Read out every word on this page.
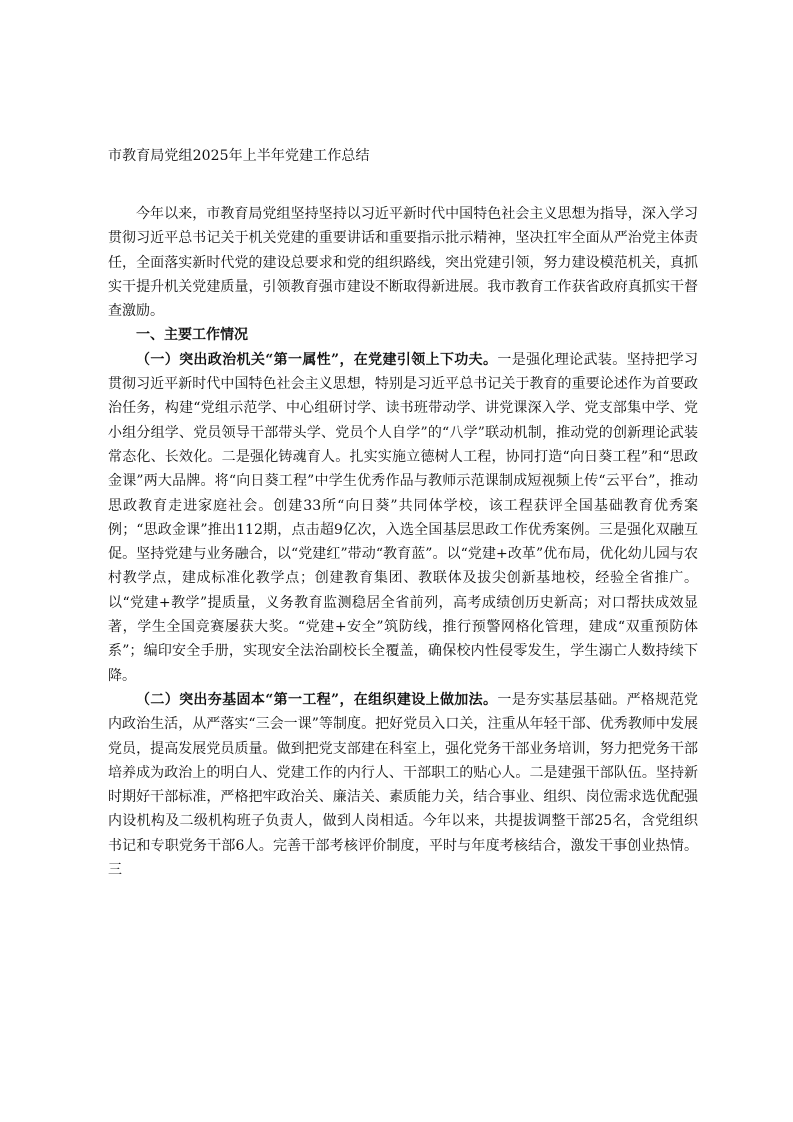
市教育局党组2025年上半年党建工作总结

今年以来，市教育局党组坚持坚持以习近平新时代中国特色社会主义思想为指导，深入学习贯彻习近平总书记关于机关党建的重要讲话和重要指示批示精神，坚决扛牢全面从严治党主体责任，全面落实新时代党的建设总要求和党的组织路线，突出党建引领，努力建设模范机关，真抓实干提升机关党建质量，引领教育强市建设不断取得新进展。我市教育工作获省政府真抓实干督查激励。

一、主要工作情况

（一）突出政治机关“第一属性”，在党建引领上下功夫。一是强化理论武装。坚持把学习贯彻习近平新时代中国特色社会主义思想，特别是习近平总书记关于教育的重要论述作为首要政治任务，构建“党组示范学、中心组研讨学、读书班带动学、讲党课深入学、党支部集中学、党小组分组学、党员领导干部带头学、党员个人自学”的“八学”联动机制，推动党的创新理论武装常态化、长效化。二是强化铸魂育人。扎实实施立德树人工程，协同打造“向日葵工程”和“思政金课”两大品牌。将“向日葵工程”中学生优秀作品与教师示范课制成短视频上传“云平台”，推动思政教育走进家庭社会。创建33所“向日葵”共同体学校，该工程获评全国基础教育优秀案例；“思政金课”推出112期，点击超9亿次，入选全国基层思政工作优秀案例。三是强化双融互促。坚持党建与业务融合，以“党建红”带动“教育蓝”。以“党建+改革”优布局，优化幼儿园与农村教学点，建成标准化教学点；创建教育集团、教联体及拔尖创新基地校，经验全省推广。以“党建+教学”提质量，义务教育监测稳居全省前列，高考成绩创历史新高；对口帮扶成效显著，学生全国竞赛屡获大奖。“党建+安全”筑防线，推行预警网格化管理，建成“双重预防体系”；编印安全手册，实现安全法治副校长全覆盖，确保校内性侵零发生，学生溺亡人数持续下降。

（二）突出夯基固本“第一工程”，在组织建设上做加法。一是夯实基层基础。严格规范党内政治生活，从严落实“三会一课”等制度。把好党员入口关，注重从年轻干部、优秀教师中发展党员，提高发展党员质量。做到把党支部建在科室上，强化党务干部业务培训，努力把党务干部培养成为政治上的明白人、党建工作的内行人、干部职工的贴心人。二是建强干部队伍。坚持新时期好干部标准，严格把牢政治关、廉洁关、素质能力关，结合事业、组织、岗位需求选优配强内设机构及二级机构班子负责人，做到人岗相适。今年以来，共提拔调整干部25名，含党组织书记和专职党务干部6人。完善干部考核评价制度，平时与年度考核结合，激发干事创业热情。三
